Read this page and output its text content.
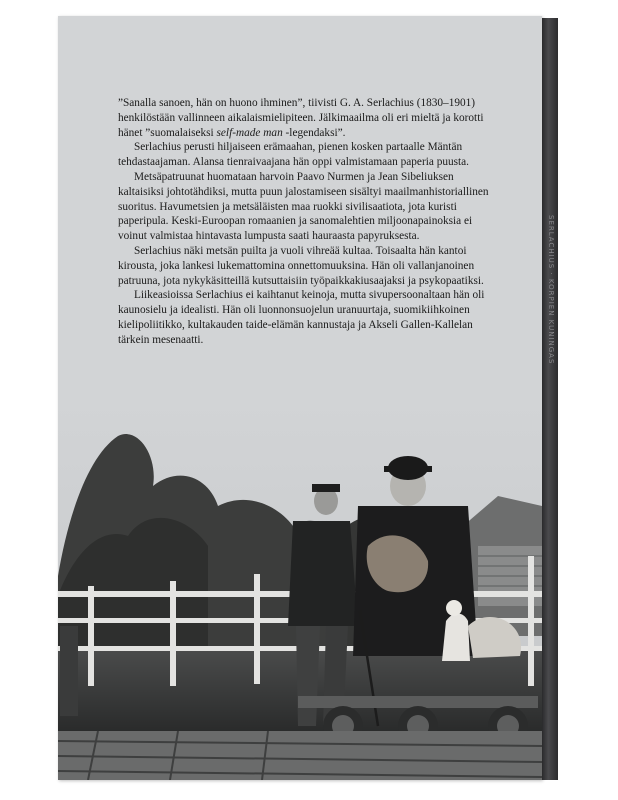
”Sanalla sanoen, hän on huono ihminen”, tiivisti G. A. Serlachius (1830–1901) henkilöstään vallinneen aikalaismielipiteen. Jälkimaailma oli eri mieltä ja korotti hänet ”suomalaiseksi self-made man -legendaksi”.

Serlachius perusti hiljaiseen erämaahan, pienen kosken partaalle Mäntän tehdastaajaman. Alansa tienraivaajana hän oppi valmistamaan paperia puusta.

Metsäpatruunat huomataan harvoin Paavo Nurmen ja Jean Sibeliuksen kaltaisiksi johtotähdiksi, mutta puun jalostamiseen sisältyi maailmanhistoriallinen suoritus. Havumetsien ja metsäläisten maa ruokki sivilisaatiota, jota kuristi paperipula. Keski-Euroopan romaanien ja sanomalehtien miljoonapainoksia ei voinut valmistaa hintavasta lumpusta saati hauraasta papyruksesta.

Serlachius näki metsän puilta ja vuoli vihreää kultaa. Toisaalta hän kantoi kirousta, joka lankesi lukemattomina onnettomuuksina. Hän oli vallanjanoinen patruuna, jota nykykäsitteillä kutsuttaisiin työpaikkakiusaajaksi ja psykopaatiksi.

Liikeasioissa Serlachius ei kaihtanut keinoja, mutta sivupersoonaltaan hän oli kaunosielu ja idealisti. Hän oli luonnonsuojelun uranuurtaja, suomikiihkoinen kielipoliitikko, kultakauden taide-elämän kannustaja ja Akseli Gallen-Kallelan tärkein mesenaatti.	SERLACHIUS · KORPIEN KUNINGAS
